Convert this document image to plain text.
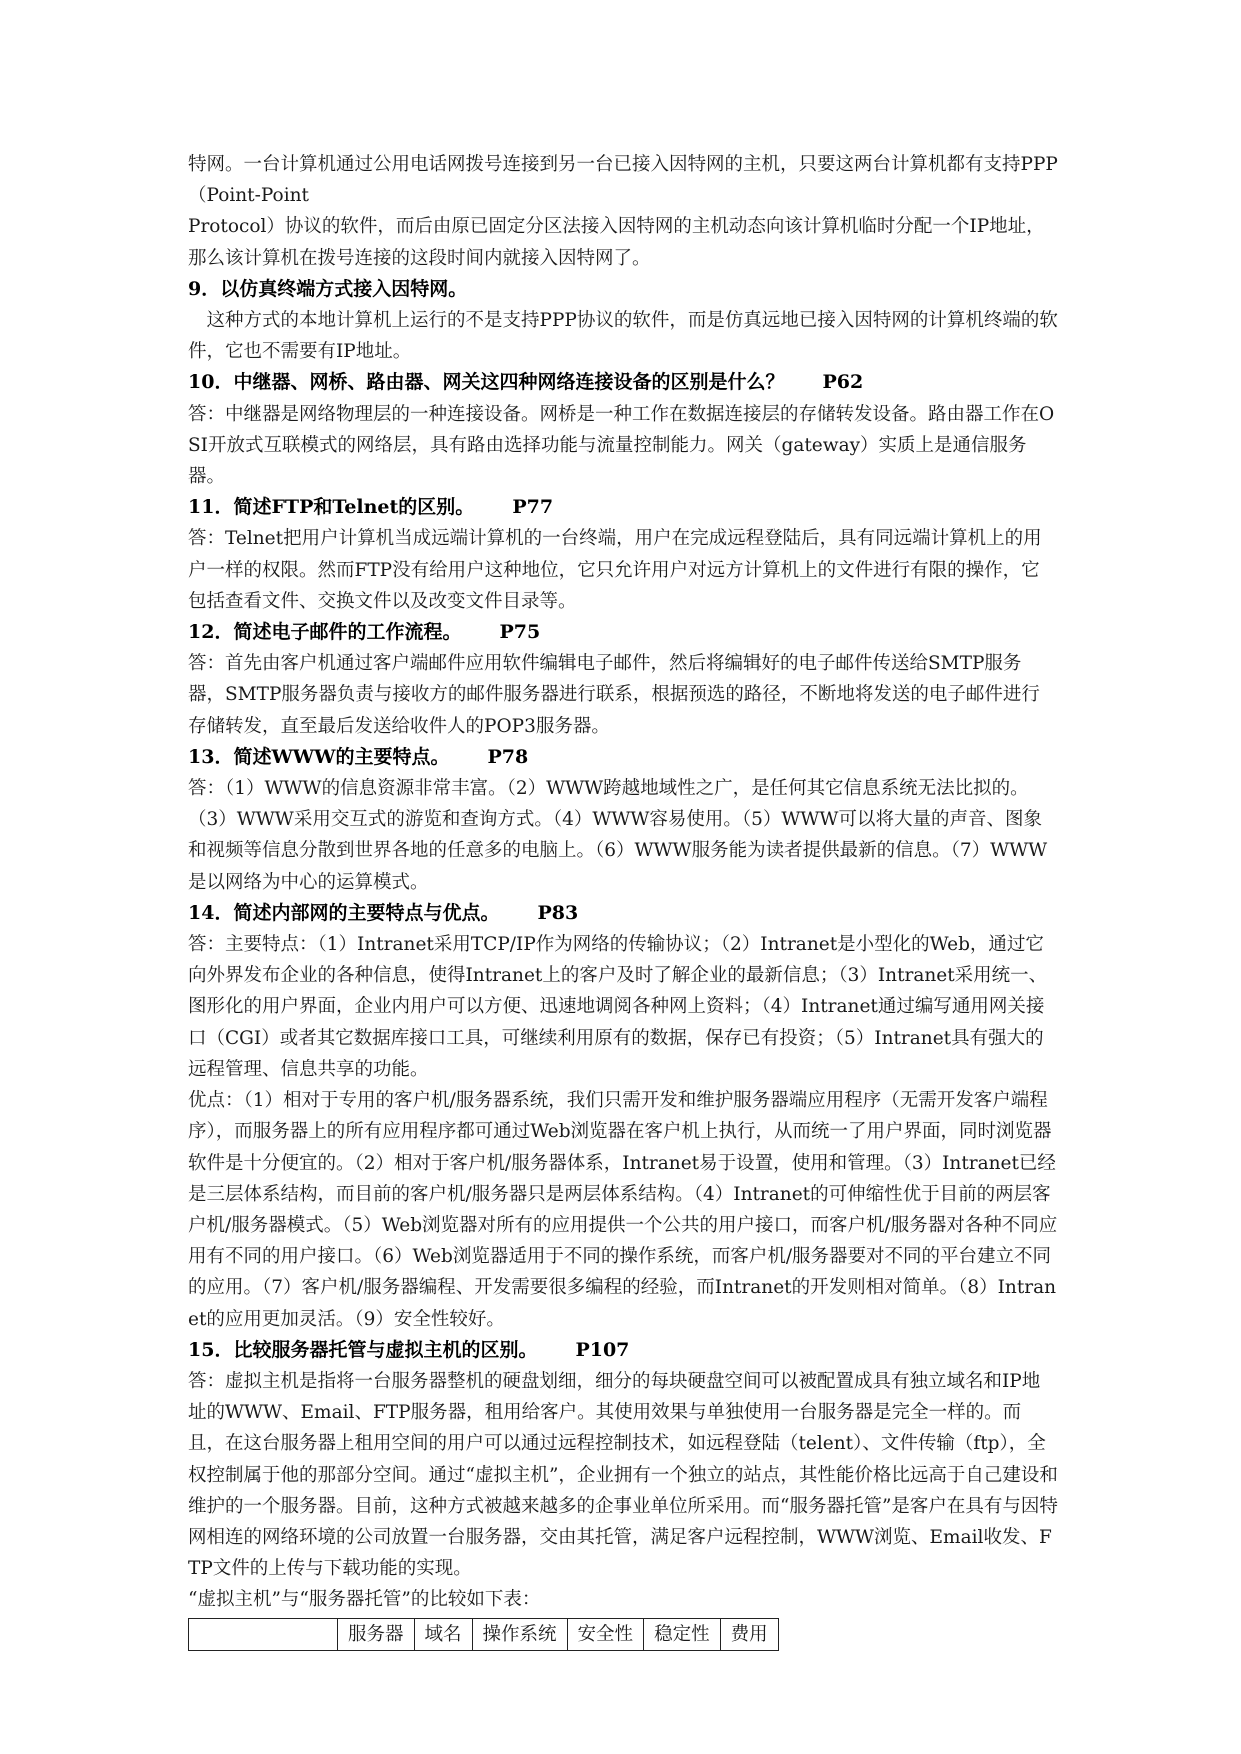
特网。一台计算机通过公用电话网拨号连接到另一台已接入因特网的主机，只要这两台计算机都有支持PPP（Point-Point

Protocol）协议的软件，而后由原已固定分区法接入因特网的主机动态向该计算机临时分配一个IP地址，那么该计算机在拨号连接的这段时间内就接入因特网了。

9．以仿真终端方式接入因特网。

这种方式的本地计算机上运行的不是支持PPP协议的软件，而是仿真远地已接入因特网的计算机终端的软件，它也不需要有IP地址。

10．中继器、网桥、路由器、网关这四种网络连接设备的区别是什么？ P62

答：中继器是网络物理层的一种连接设备。网桥是一种工作在数据连接层的存储转发设备。路由器工作在OSI开放式互联模式的网络层，具有路由选择功能与流量控制能力。网关（gateway）实质上是通信服务器。

11．简述FTP和Telnet的区别。 P77

答：Telnet把用户计算机当成远端计算机的一台终端，用户在完成远程登陆后，具有同远端计算机上的用户一样的权限。然而FTP没有给用户这种地位，它只允许用户对远方计算机上的文件进行有限的操作，它包括查看文件、交换文件以及改变文件目录等。

12．简述电子邮件的工作流程。 P75

答：首先由客户机通过客户端邮件应用软件编辑电子邮件，然后将编辑好的电子邮件传送给SMTP服务器，SMTP服务器负责与接收方的邮件服务器进行联系，根据预选的路径，不断地将发送的电子邮件进行存储转发，直至最后发送给收件人的POP3服务器。

13．简述WWW的主要特点。 P78

答：（1）WWW的信息资源非常丰富。（2）WWW跨越地域性之广，是任何其它信息系统无法比拟的。（3）WWW采用交互式的游览和查询方式。（4）WWW容易使用。（5）WWW可以将大量的声音、图象和视频等信息分散到世界各地的任意多的电脑上。（6）WWW服务能为读者提供最新的信息。（7）WWW是以网络为中心的运算模式。

14．简述内部网的主要特点与优点。 P83

答：主要特点：（1）Intranet采用TCP/IP作为网络的传输协议；（2）Intranet是小型化的Web，通过它向外界发布企业的各种信息，使得Intranet上的客户及时了解企业的最新信息；（3）Intranet采用统一、图形化的用户界面，企业内用户可以方便、迅速地调阅各种网上资料；（4）Intranet通过编写通用网关接口（CGI）或者其它数据库接口工具，可继续利用原有的数据，保存已有投资；（5）Intranet具有强大的远程管理、信息共享的功能。

优点：（1）相对于专用的客户机/服务器系统，我们只需开发和维护服务器端应用程序（无需开发客户端程序），而服务器上的所有应用程序都可通过Web浏览器在客户机上执行，从而统一了用户界面，同时浏览器软件是十分便宜的。（2）相对于客户机/服务器体系，Intranet易于设置，使用和管理。（3）Intranet已经是三层体系结构，而目前的客户机/服务器只是两层体系结构。（4）Intranet的可伸缩性优于目前的两层客户机/服务器模式。（5）Web浏览器对所有的应用提供一个公共的用户接口，而客户机/服务器对各种不同应用有不同的用户接口。（6）Web浏览器适用于不同的操作系统，而客户机/服务器要对不同的平台建立不同的应用。（7）客户机/服务器编程、开发需要很多编程的经验，而Intranet的开发则相对简单。（8）Intranet的应用更加灵活。（9）安全性较好。

15．比较服务器托管与虚拟主机的区别。 P107

答：虚拟主机是指将一台服务器整机的硬盘划细，细分的每块硬盘空间可以被配置成具有独立域名和IP地址的WWW、Email、FTP服务器，租用给客户。其使用效果与单独使用一台服务器是完全一样的。而且，在这台服务器上租用空间的用户可以通过远程控制技术，如远程登陆（telent）、文件传输（ftp），全权控制属于他的那部分空间。通过“虚拟主机”，企业拥有一个独立的站点，其性能价格比远高于自己建设和维护的一个服务器。目前，这种方式被越来越多的企事业单位所采用。而“服务器托管”是客户在具有与因特网相连的网络环境的公司放置一台服务器，交由其托管，满足客户远程控制，WWW浏览、Email收发、FTP文件的上传与下载功能的实现。

“虚拟主机”与“服务器托管”的比较如下表：

	服务器	域名	操作系统	安全性	稳定性	费用
